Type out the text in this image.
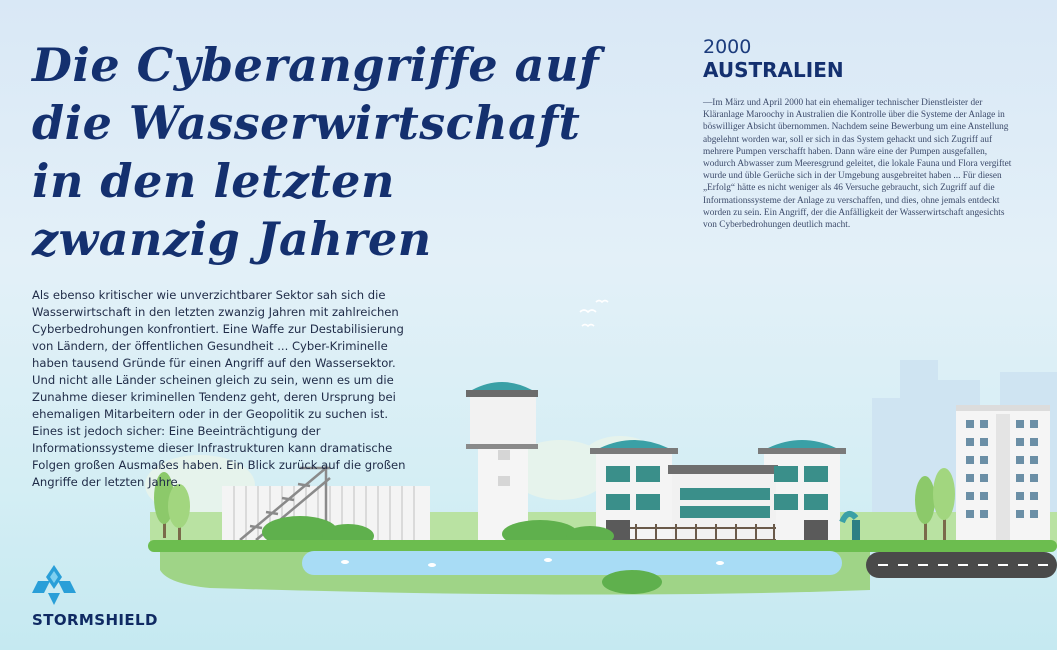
Die Cyberangriffe auf
die Wasserwirtschaft
in den letzten
zwanzig Jahren

Als ebenso kritischer wie unverzichtbarer Sektor sah sich die Wasserwirtschaft in den letzten zwanzig Jahren mit zahlreichen Cyberbedrohungen konfrontiert. Eine Waffe zur Destabilisierung von Ländern, der öffentlichen Gesundheit ... Cyber-Kriminelle haben tausend Gründe für einen Angriff auf den Wassersektor. Und nicht alle Länder scheinen gleich zu sein, wenn es um die Zunahme dieser kriminellen Tendenz geht, deren Ursprung bei ehemaligen Mitarbeitern oder in der Geopolitik zu suchen ist. Eines ist jedoch sicher: Eine Beeinträchtigung der Informationssysteme dieser Infrastrukturen kann dramatische Folgen großen Ausmaßes haben. Ein Blick zurück auf die großen Angriffe der letzten Jahre.

2000
AUSTRALIEN

—Im März und April 2000 hat ein ehemaliger technischer Dienstleister der Kläranlage Maroochy in Australien die Kontrolle über die Systeme der Anlage in böswilliger Absicht übernommen. Nachdem seine Bewerbung um eine Anstellung abgelehnt worden war, soll er sich in das System gehackt und sich Zugriff auf mehrere Pumpen verschafft haben. Dann wäre eine der Pumpen ausgefallen, wodurch Abwasser zum Meeresgrund geleitet, die lokale Fauna und Flora vergiftet wurde und üble Gerüche sich in der Umgebung ausgebreitet haben ... Für diesen „Erfolg“ hätte es nicht weniger als 46 Versuche gebraucht, sich Zugriff auf die Informationssysteme der Anlage zu verschaffen, und dies, ohne jemals entdeckt worden zu sein. Ein Angriff, der die Anfälligkeit der Wasserwirtschaft angesichts von Cyberbedrohungen deutlich macht.

STORMSHIELD
